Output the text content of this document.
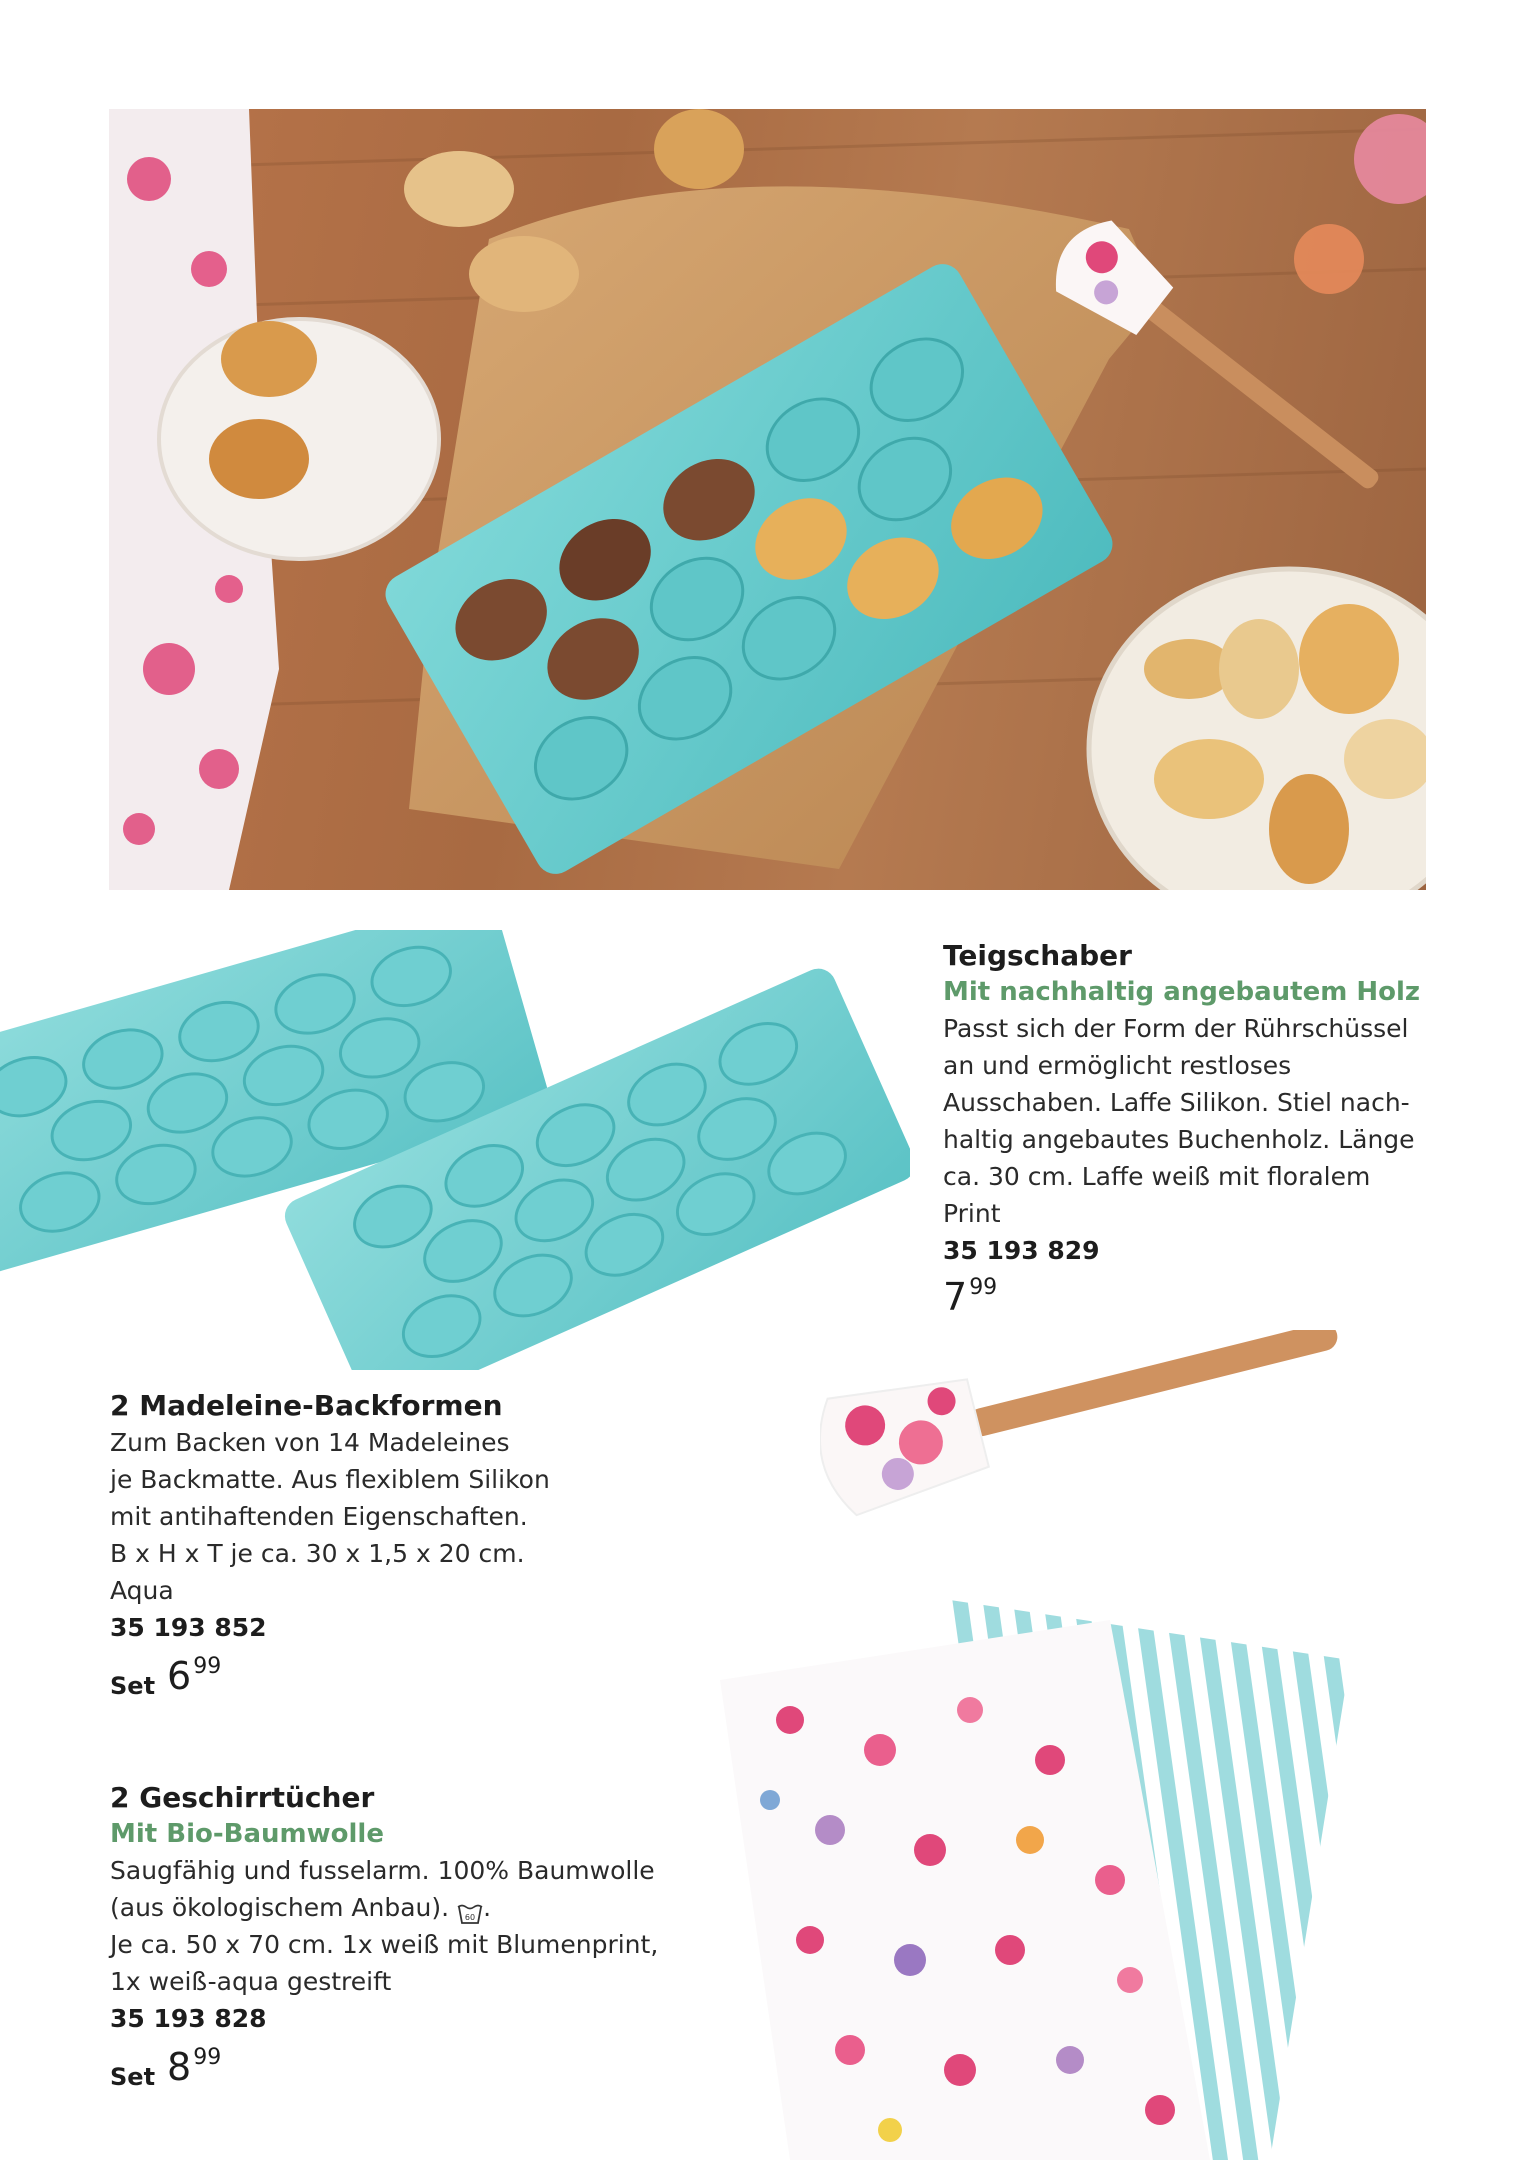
Teigschaber
Mit nachhaltig angebautem Holz
Passt sich der Form der Rührschüssel
an und ermöglicht restloses
Ausschaben. Laffe Silikon. Stiel nach-
haltig angebautes Buchenholz. Länge
ca. 30 cm. Laffe weiß mit floralem Print
35 193 829
7 99
2 Madeleine-Backformen
Zum Backen von 14 Madeleines
je Backmatte. Aus flexiblem Silikon
mit antihaftenden Eigenschaften.
B x H x T je ca. 30 x 1,5 x 20 cm.
Aqua
35 193 852
Set 6 99
2 Geschirrtücher
Mit Bio-Baumwolle
Saugfähig und fusselarm. 100% Baumwolle
(aus ökologischem Anbau). 60 .
Je ca. 50 x 70 cm. 1x weiß mit Blumenprint,
1x weiß-aqua gestreift
35 193 828
Set 8 99
